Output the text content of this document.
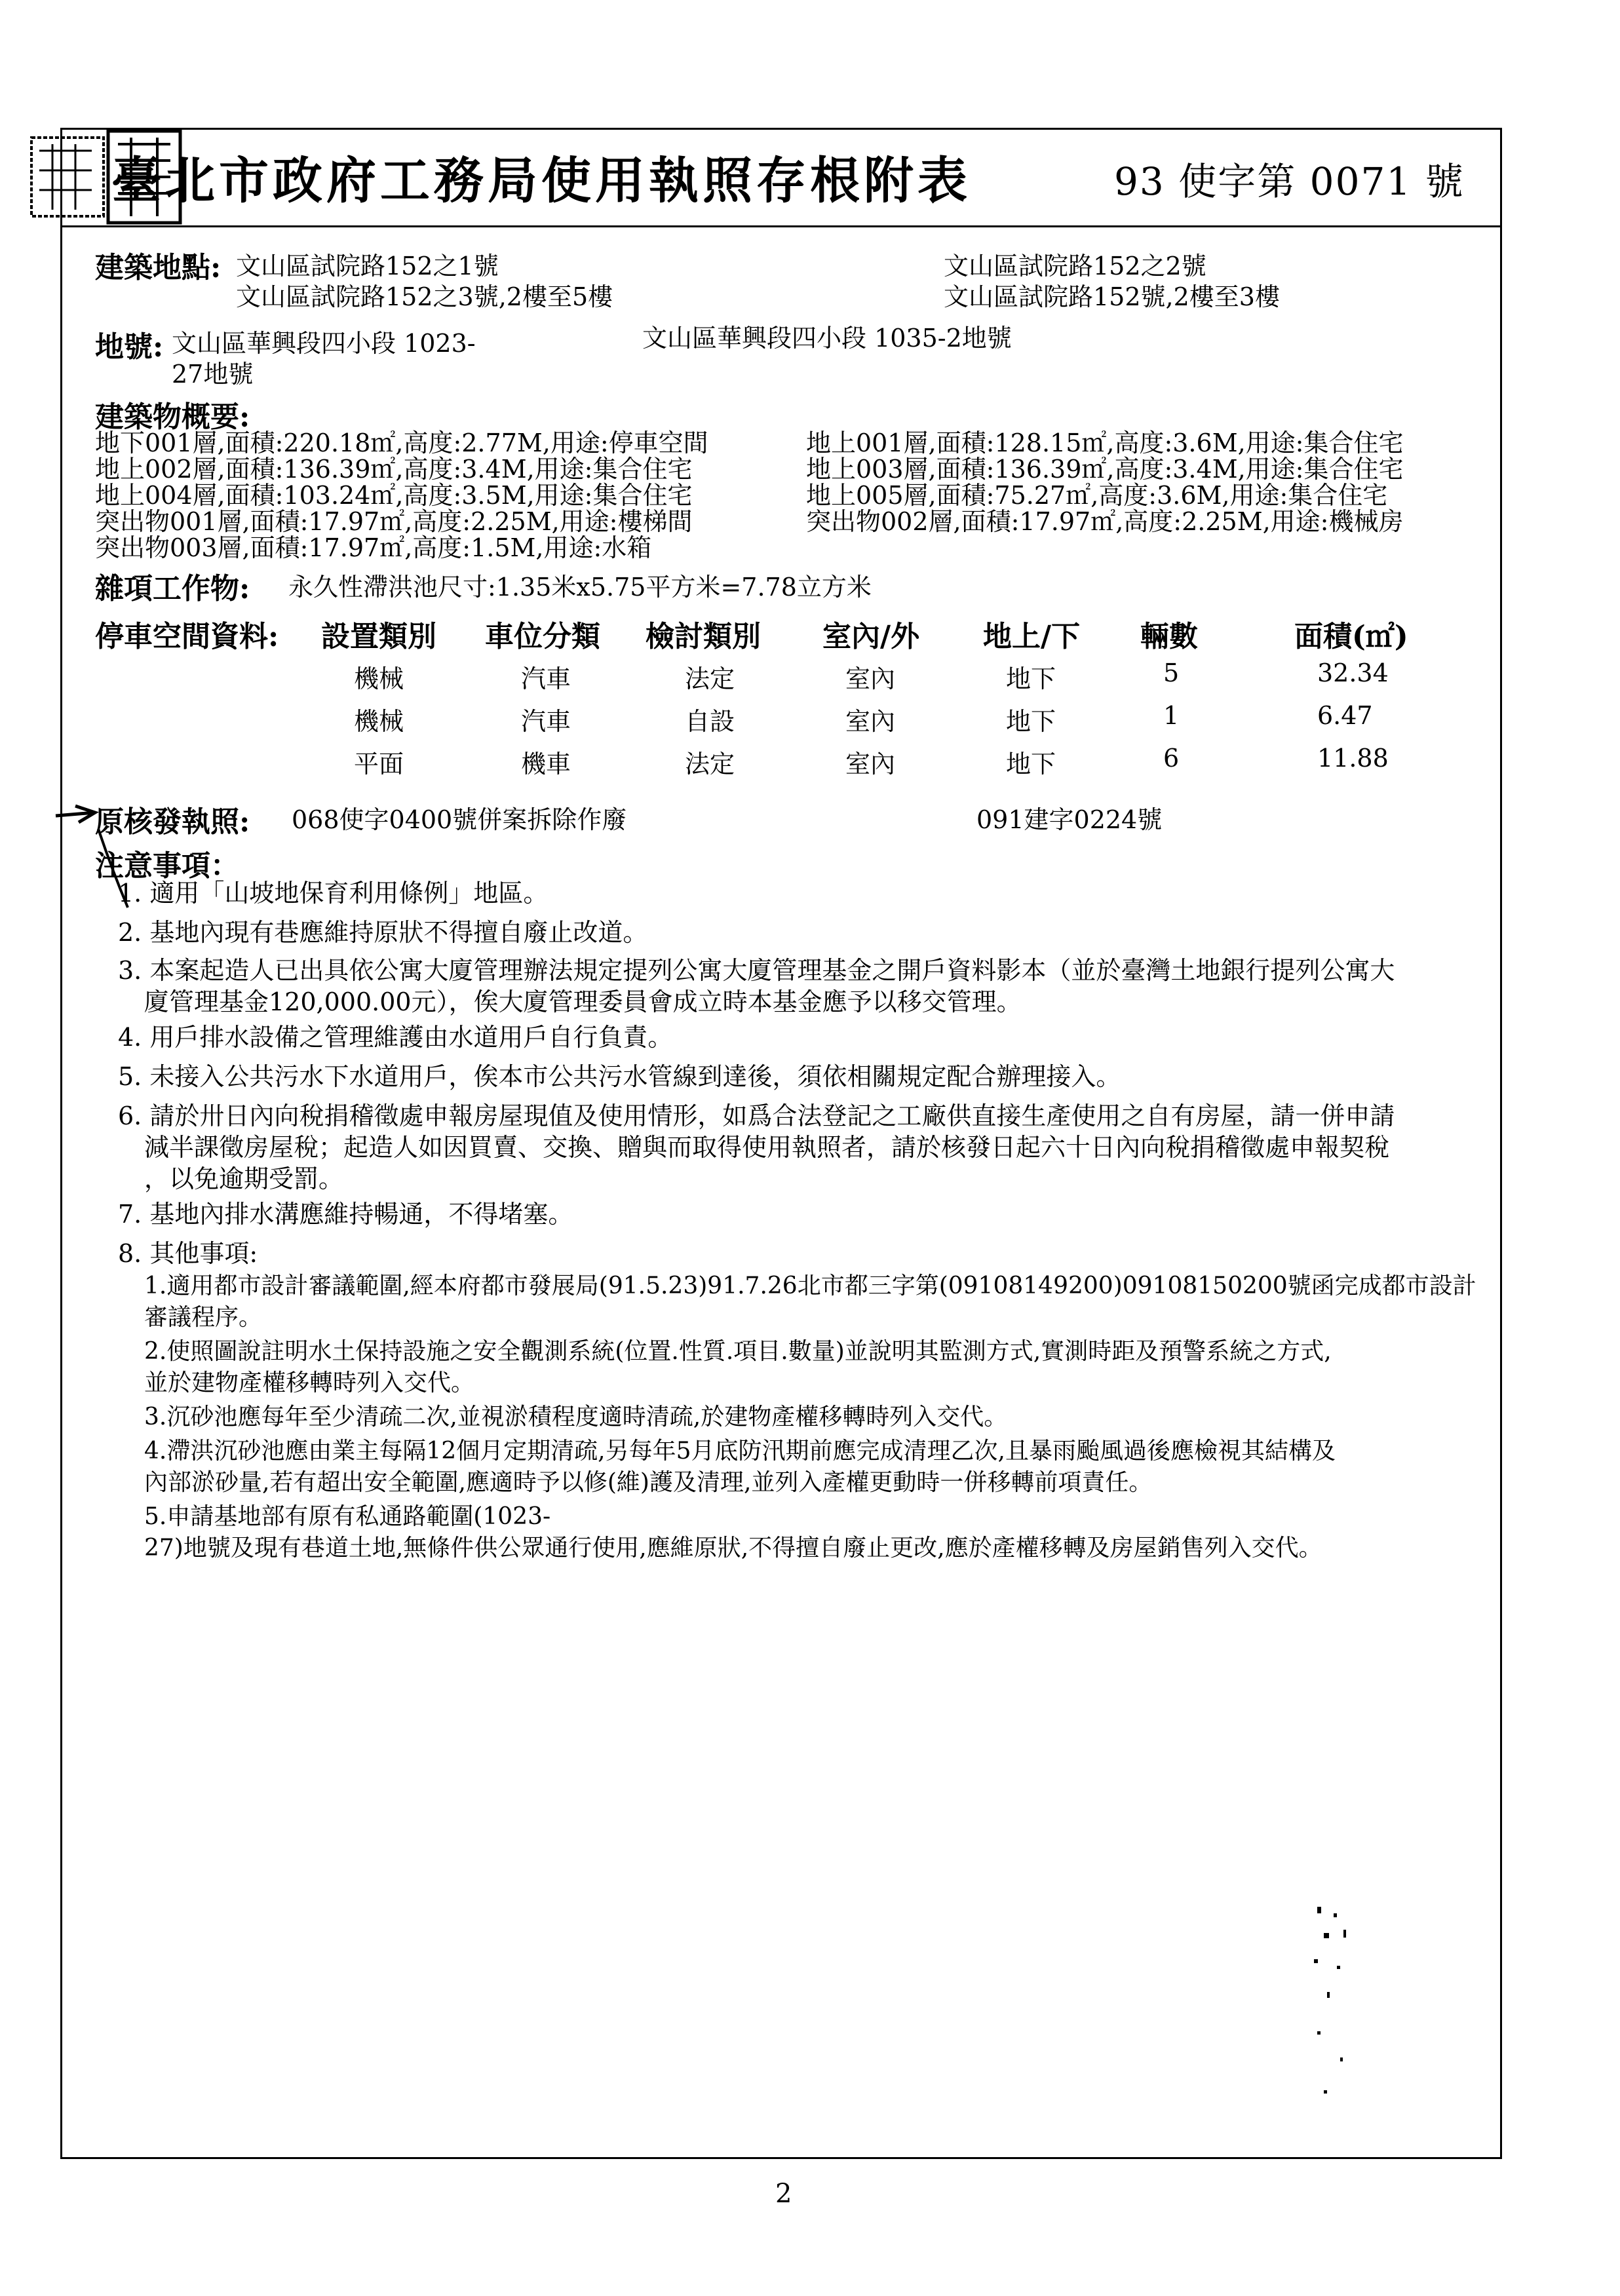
臺北市政府工務局使用執照存根附表	93 使字第 0071 號
建築地點: 文山區試院路152之1號	文山區試院路152之2號
文山區試院路152之3號,2樓至5樓	文山區試院路152號,2樓至3樓
地號: 文山區華興段四小段 1023-	文山區華興段四小段 1035-2地號
27地號
建築物概要:
地下001層,面積:220.18㎡,高度:2.77M,用途:停車空間
地上002層,面積:136.39㎡,高度:3.4M,用途:集合住宅
地上004層,面積:103.24㎡,高度:3.5M,用途:集合住宅
突出物001層,面積:17.97㎡,高度:2.25M,用途:樓梯間
突出物003層,面積:17.97㎡,高度:1.5M,用途:水箱
地上001層,面積:128.15㎡,高度:3.6M,用途:集合住宅
地上003層,面積:136.39㎡,高度:3.4M,用途:集合住宅
地上005層,面積:75.27㎡,高度:3.6M,用途:集合住宅
突出物002層,面積:17.97㎡,高度:2.25M,用途:機械房
雜項工作物: 永久性滯洪池尺寸:1.35米x5.75平方米=7.78立方米
停車空間資料: 設置類別 車位分類 檢討類別 室內/外 地上/下 輛數	面積(㎡)
機械	汽車	法定	室內	地下	5	32.34
機械	汽車	自設	室內	地下	1	6.47
平面	機車	法定	室內	地下	6	11.88
原核發執照: 068使字0400號併案拆除作廢	091建字0224號
注意事項：
1. 適用「山坡地保育利用條例」地區。
2. 基地內現有巷應維持原狀不得擅自廢止改道。
3. 本案起造人已出具依公寓大廈管理辦法規定提列公寓大廈管理基金之開戶資料影本（並於臺灣土地銀行提列公寓大
廈管理基金120,000.00元），俟大廈管理委員會成立時本基金應予以移交管理。
4. 用戶排水設備之管理維護由水道用戶自行負責。
5. 未接入公共污水下水道用戶，俟本市公共污水管線到達後，須依相關規定配合辦理接入。
6. 請於卅日內向稅捐稽徵處申報房屋現值及使用情形，如爲合法登記之工廠供直接生產使用之自有房屋，請一併申請
減半課徵房屋稅；起造人如因買賣、交換、贈與而取得使用執照者，請於核發日起六十日內向稅捐稽徵處申報契稅
，以免逾期受罰。
7. 基地內排水溝應維持暢通，不得堵塞。
8. 其他事項:
1.適用都市設計審議範圍,經本府都市發展局(91.5.23)91.7.26北市都三字第(09108149200)09108150200號函完成都市設計
審議程序。
2.使照圖說註明水土保持設施之安全觀測系統(位置.性質.項目.數量)並說明其監測方式,實測時距及預警系統之方式,
並於建物產權移轉時列入交代。
3.沉砂池應每年至少清疏二次,並視淤積程度適時清疏,於建物產權移轉時列入交代。
4.滯洪沉砂池應由業主每隔12個月定期清疏,另每年5月底防汛期前應完成清理乙次,且暴雨颱風過後應檢視其結構及
內部淤砂量,若有超出安全範圍,應適時予以修(維)護及清理,並列入產權更動時一併移轉前項責任。
5.申請基地部有原有私通路範圍(1023-
27)地號及現有巷道土地,無條件供公眾通行使用,應維原狀,不得擅自廢止更改,應於產權移轉及房屋銷售列入交代。
2
